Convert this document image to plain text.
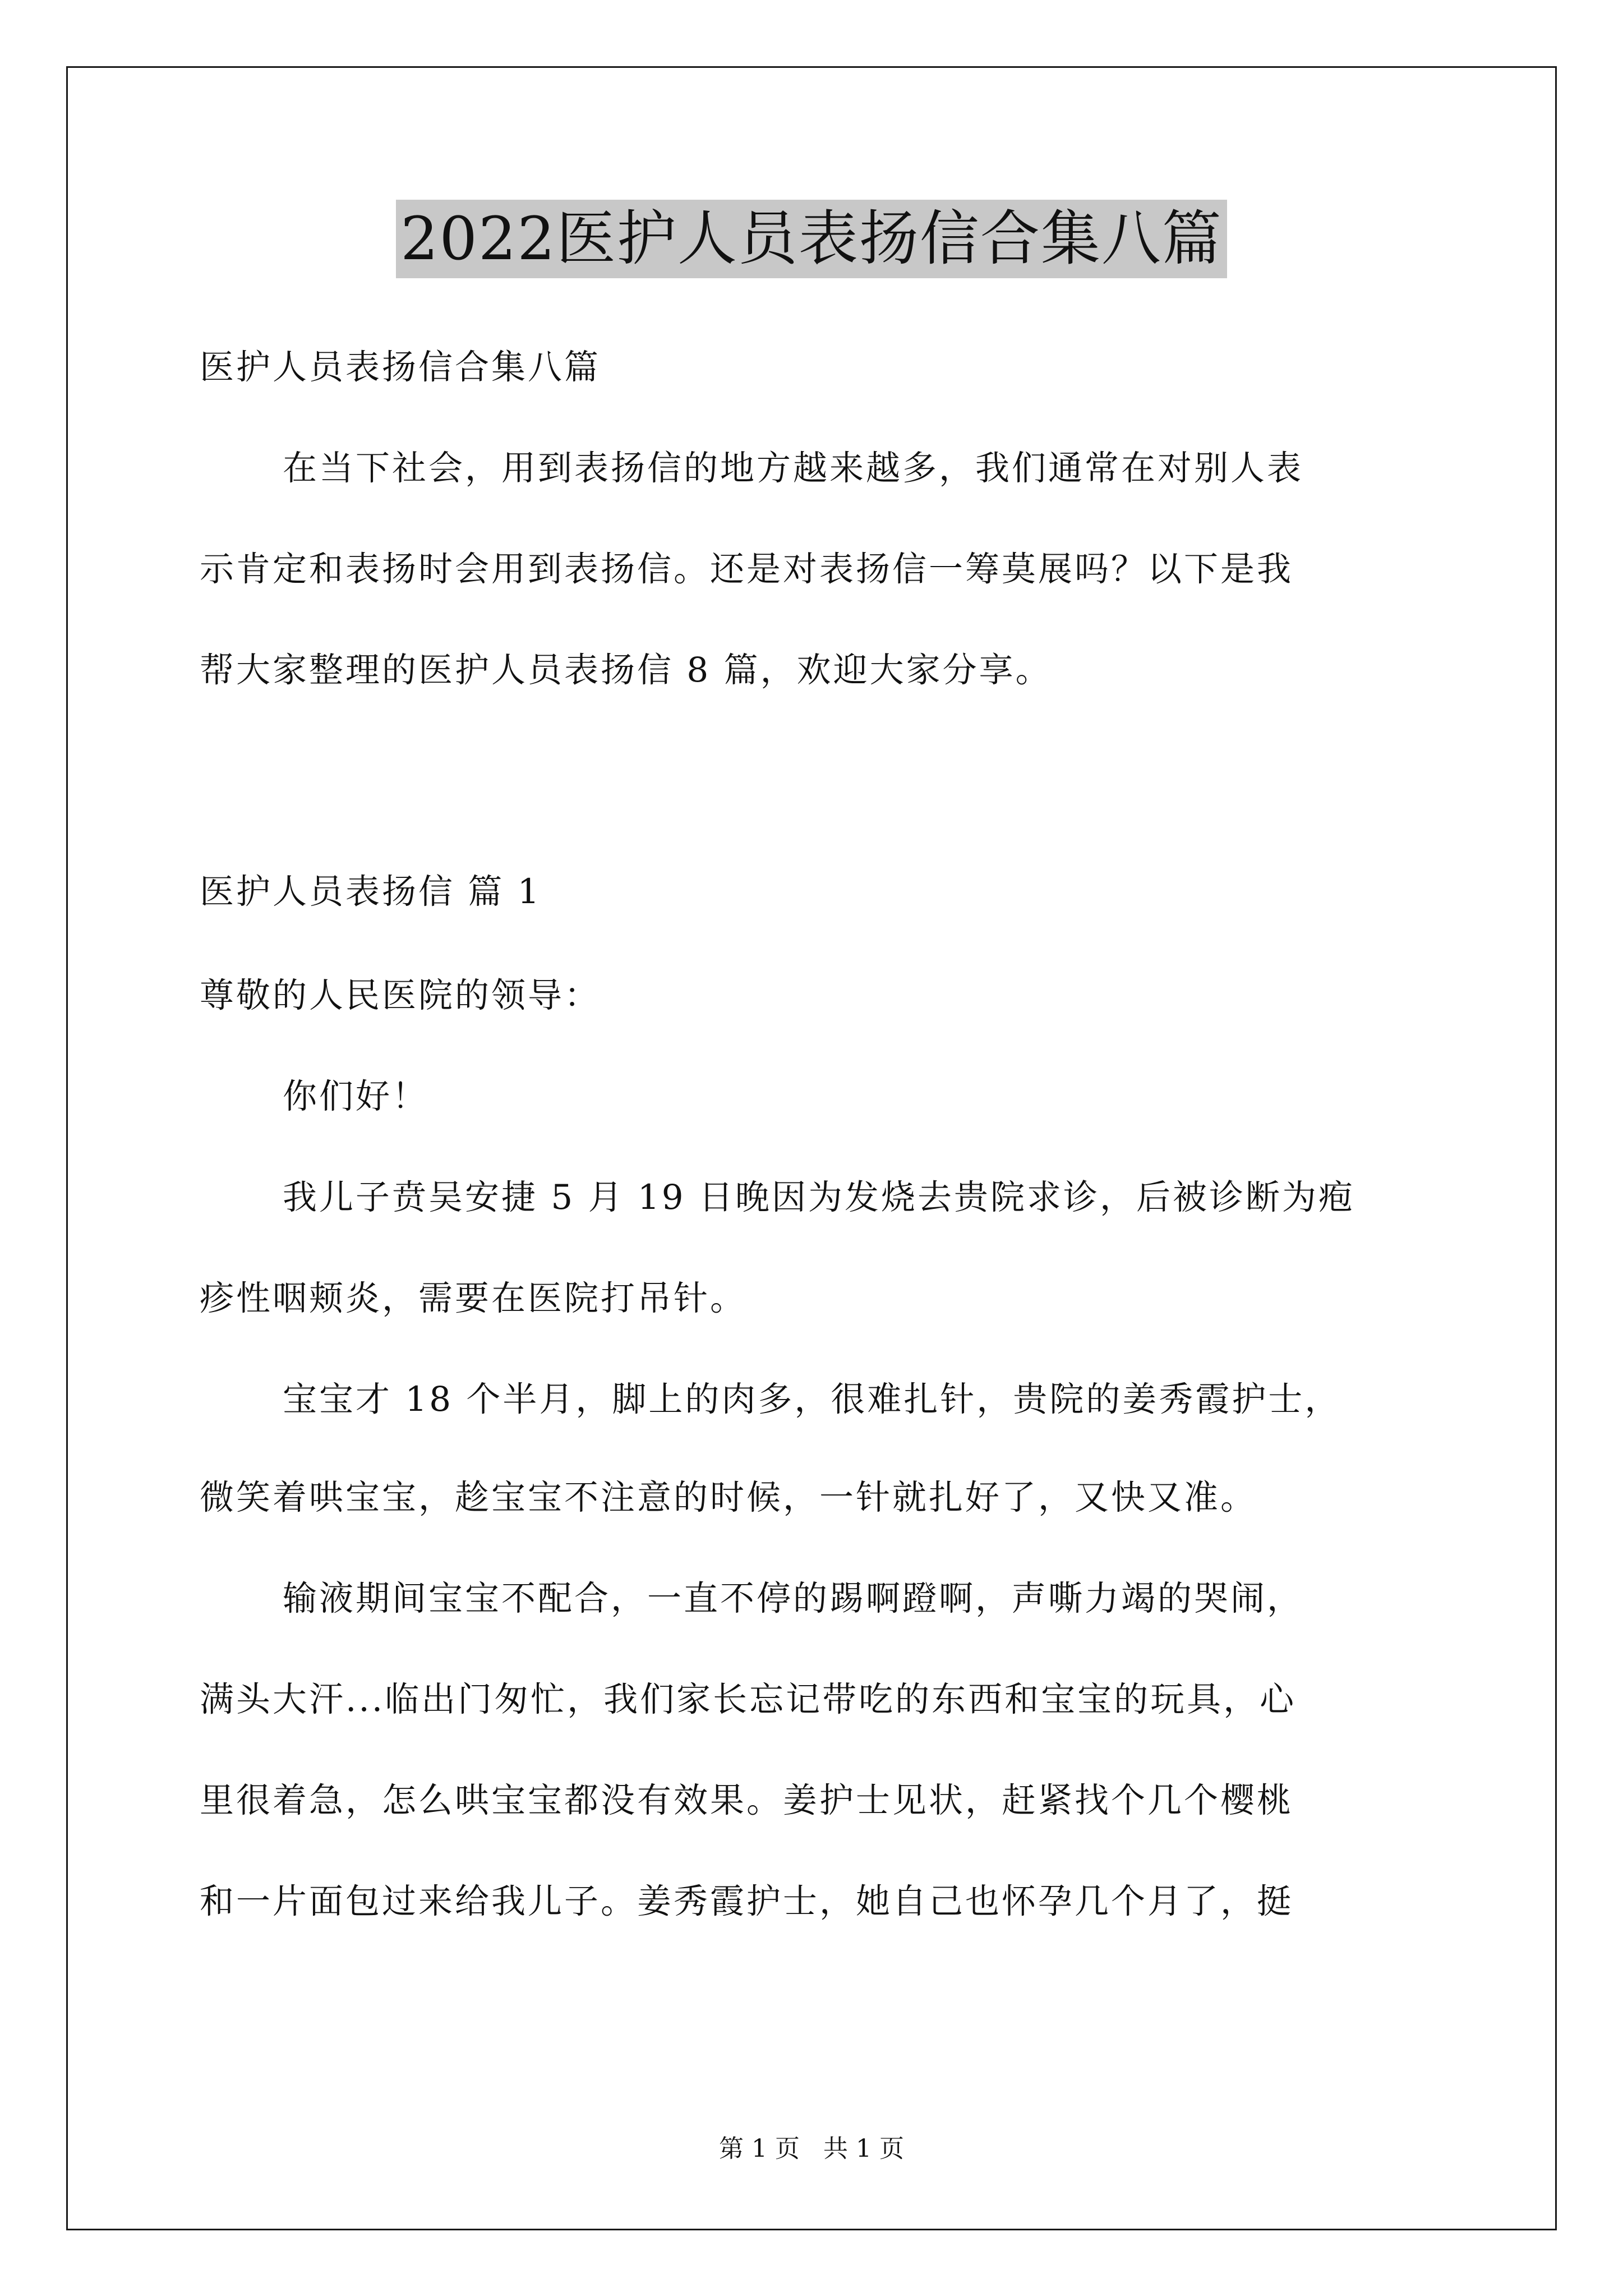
2022医护人员表扬信合集八篇
医护人员表扬信合集八篇
在当下社会，用到表扬信的地方越来越多，我们通常在对别人表
示肯定和表扬时会用到表扬信。还是对表扬信一筹莫展吗？以下是我
帮大家整理的医护人员表扬信 8 篇，欢迎大家分享。
医护人员表扬信 篇 1
尊敬的人民医院的领导：
你们好！
我儿子贲吴安捷 5 月 19 日晚因为发烧去贵院求诊，后被诊断为疱
疹性咽颊炎，需要在医院打吊针。
宝宝才 18 个半月，脚上的肉多，很难扎针，贵院的姜秀霞护士，
微笑着哄宝宝，趁宝宝不注意的时候，一针就扎好了，又快又准。
输液期间宝宝不配合，一直不停的踢啊蹬啊，声嘶力竭的哭闹，
满头大汗...临出门匆忙，我们家长忘记带吃的东西和宝宝的玩具，心
里很着急，怎么哄宝宝都没有效果。姜护士见状，赶紧找个几个樱桃
和一片面包过来给我儿子。姜秀霞护士，她自己也怀孕几个月了，挺
第 1 页   共 1 页
